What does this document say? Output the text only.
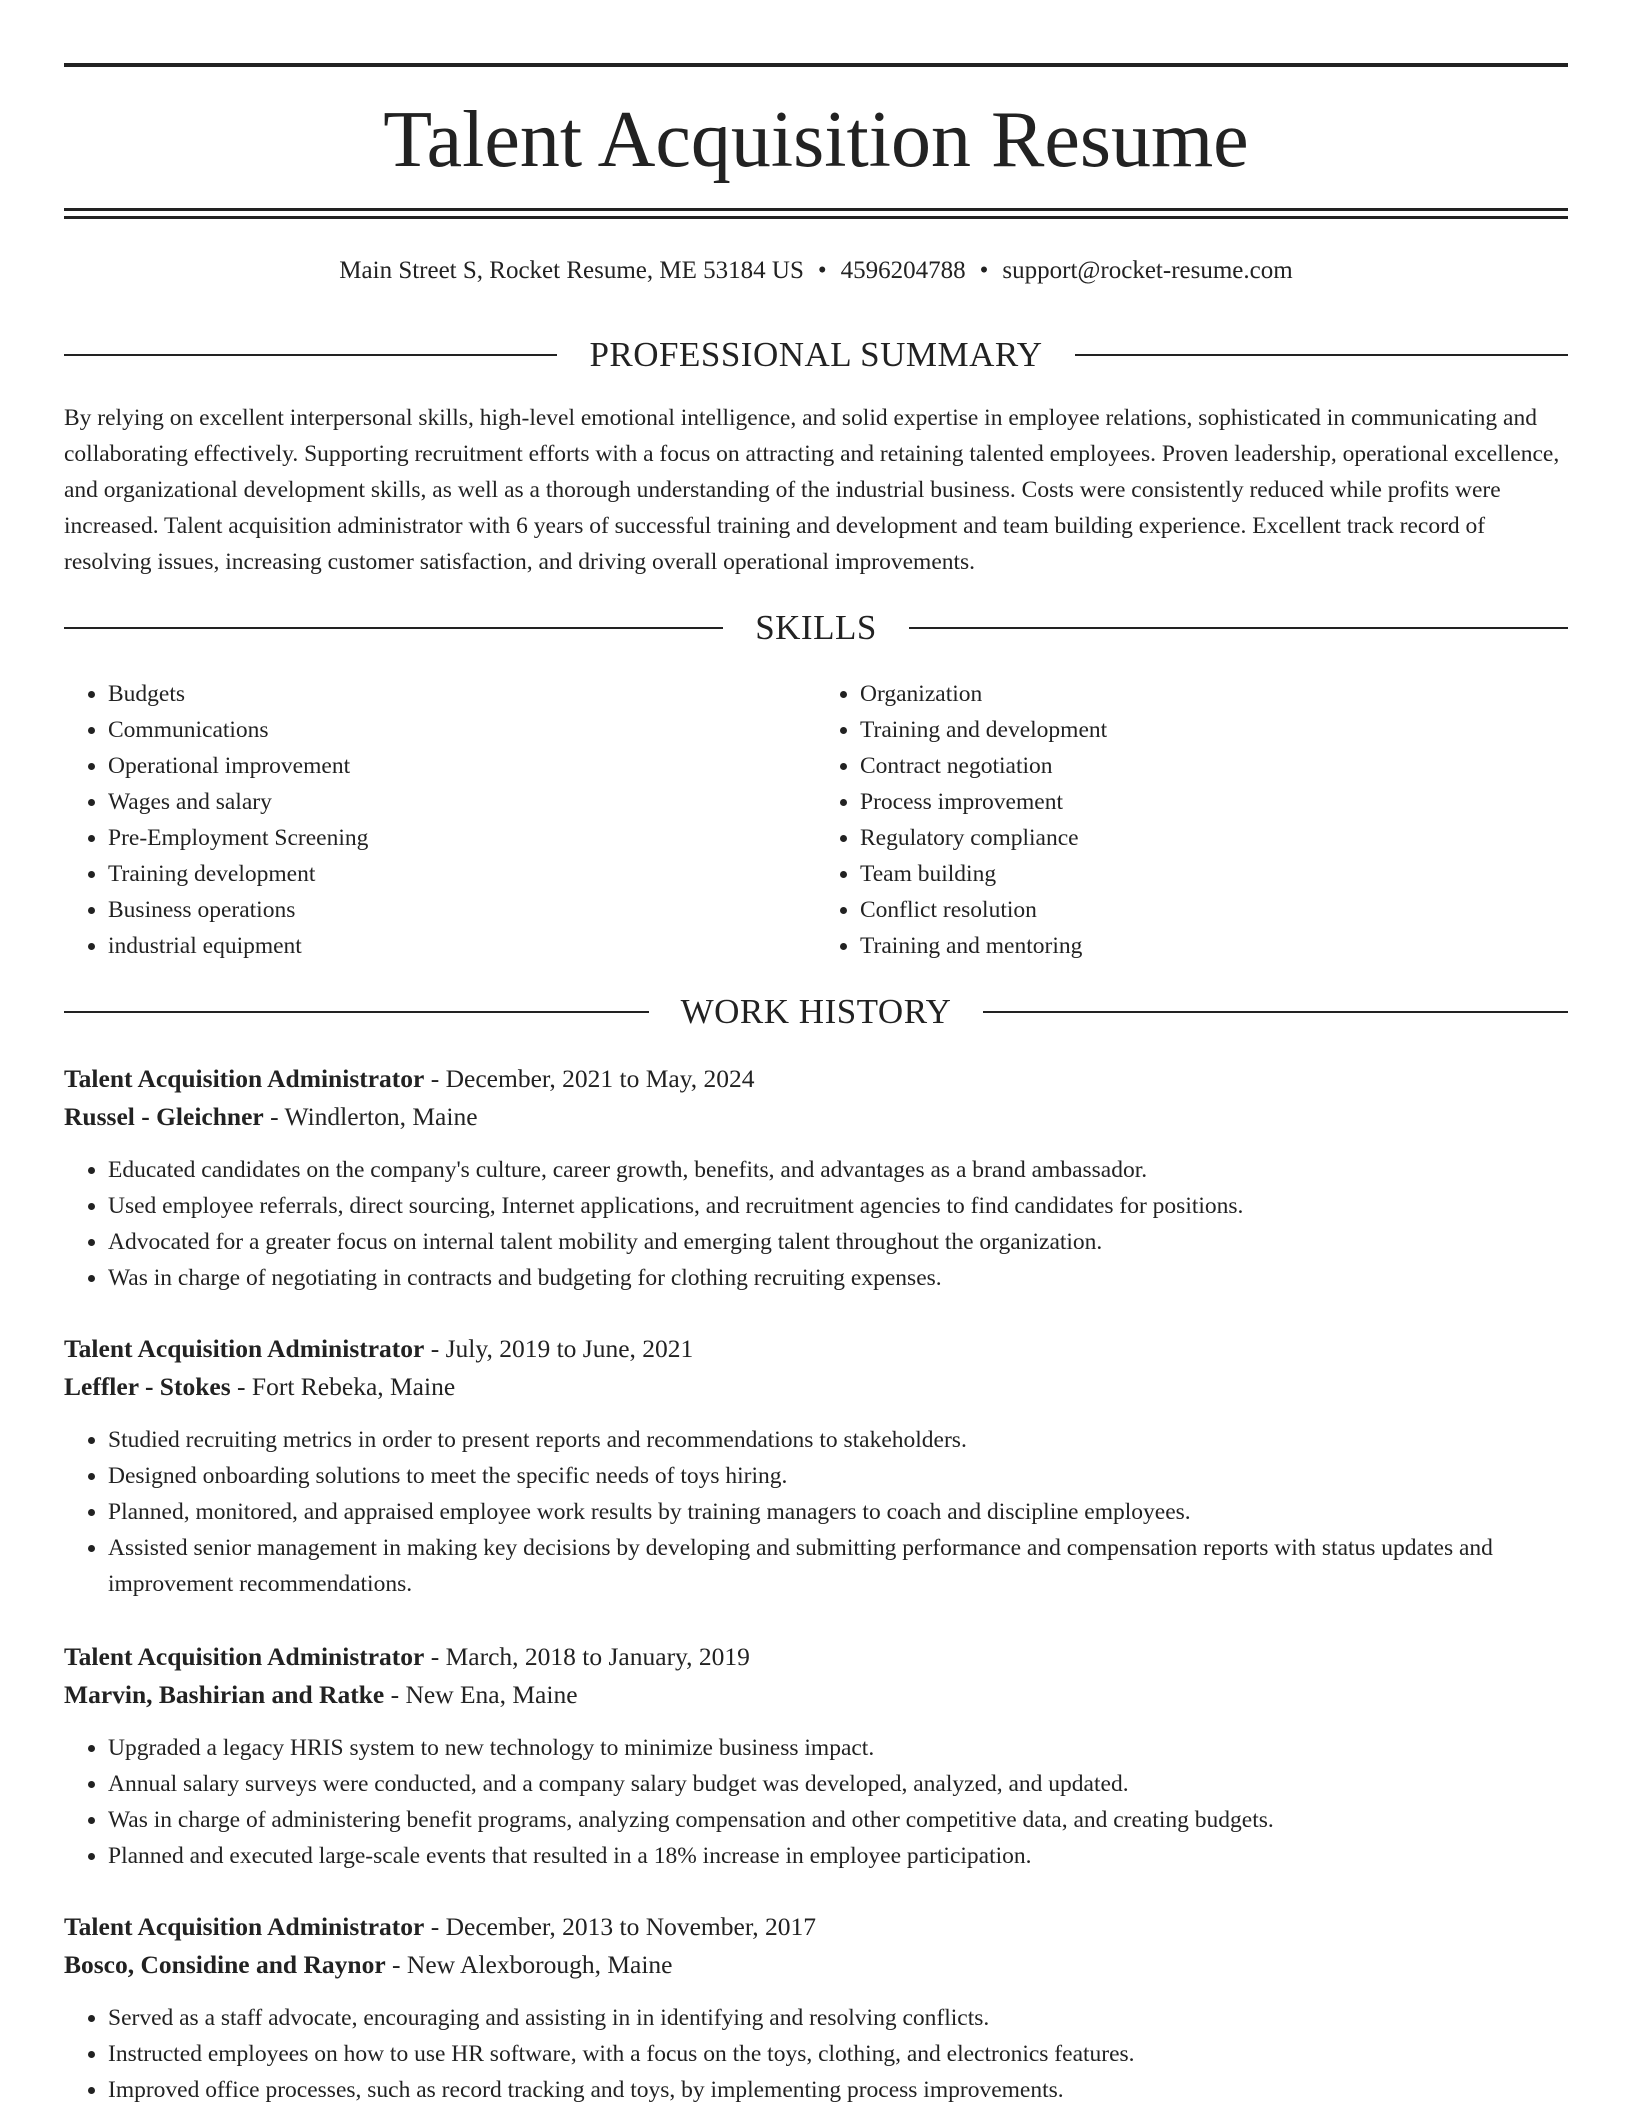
Talent Acquisition Resume
Main Street S, Rocket Resume, ME 53184 US • 4596204788 • support@rocket-resume.com
PROFESSIONAL SUMMARY

By relying on excellent interpersonal skills, high-level emotional intelligence, and solid expertise in employee relations, sophisticated in communicating and collaborating effectively. Supporting recruitment efforts with a focus on attracting and retaining talented employees. Proven leadership, operational excellence, and organizational development skills, as well as a thorough understanding of the industrial business. Costs were consistently reduced while profits were increased. Talent acquisition administrator with 6 years of successful training and development and team building experience. Excellent track record of resolving issues, increasing customer satisfaction, and driving overall operational improvements.

SKILLS
• Budgets
• Communications
• Operational improvement
• Wages and salary
• Pre-Employment Screening
• Training development
• Business operations
• industrial equipment
• Organization
• Training and development
• Contract negotiation
• Process improvement
• Regulatory compliance
• Team building
• Conflict resolution
• Training and mentoring
WORK HISTORY
Talent Acquisition Administrator - December, 2021 to May, 2024
Russel - Gleichner - Windlerton, Maine
• Educated candidates on the company's culture, career growth, benefits, and advantages as a brand ambassador.
• Used employee referrals, direct sourcing, Internet applications, and recruitment agencies to find candidates for positions.
• Advocated for a greater focus on internal talent mobility and emerging talent throughout the organization.
• Was in charge of negotiating in contracts and budgeting for clothing recruiting expenses.
Talent Acquisition Administrator - July, 2019 to June, 2021
Leffler - Stokes - Fort Rebeka, Maine
• Studied recruiting metrics in order to present reports and recommendations to stakeholders.
• Designed onboarding solutions to meet the specific needs of toys hiring.
• Planned, monitored, and appraised employee work results by training managers to coach and discipline employees.
• Assisted senior management in making key decisions by developing and submitting performance and compensation reports with status updates and improvement recommendations.
Talent Acquisition Administrator - March, 2018 to January, 2019
Marvin, Bashirian and Ratke - New Ena, Maine
• Upgraded a legacy HRIS system to new technology to minimize business impact.
• Annual salary surveys were conducted, and a company salary budget was developed, analyzed, and updated.
• Was in charge of administering benefit programs, analyzing compensation and other competitive data, and creating budgets.
• Planned and executed large-scale events that resulted in a 18% increase in employee participation.
Talent Acquisition Administrator - December, 2013 to November, 2017
Bosco, Considine and Raynor - New Alexborough, Maine
• Served as a staff advocate, encouraging and assisting in in identifying and resolving conflicts.
• Instructed employees on how to use HR software, with a focus on the toys, clothing, and electronics features.
• Improved office processes, such as record tracking and toys, by implementing process improvements.
